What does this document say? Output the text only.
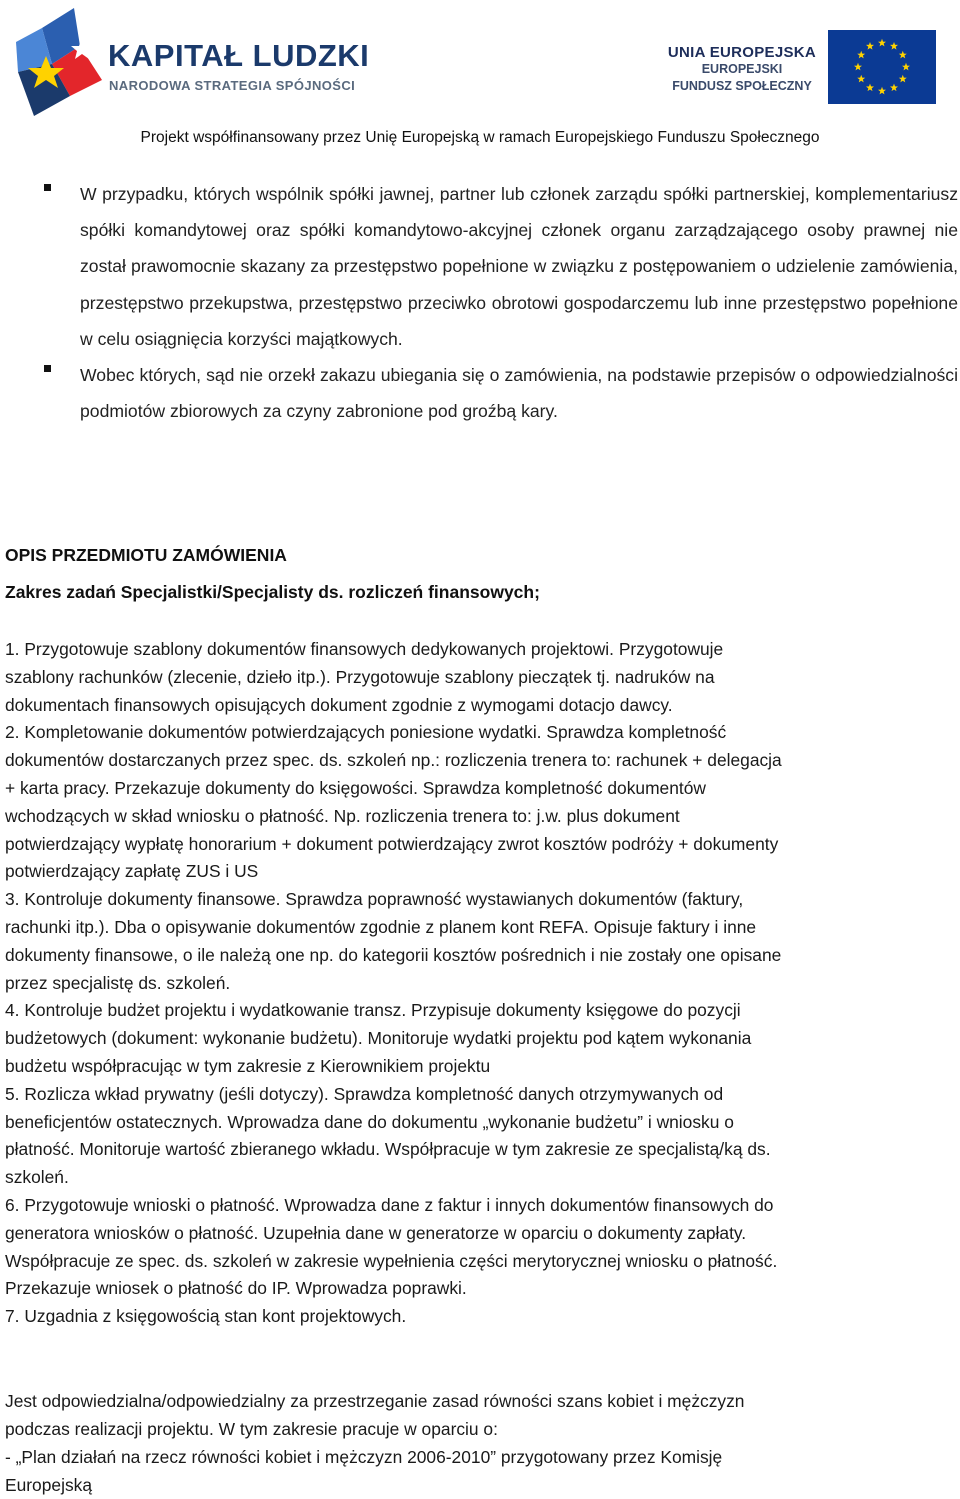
KAPITAŁ LUDZKI
NARODOWA STRATEGIA SPÓJNOŚCI
UNIA EUROPEJSKA
EUROPEJSKI
FUNDUSZ SPOŁECZNY
Projekt współfinansowany przez Unię Europejską w ramach Europejskiego Funduszu Społecznego
W przypadku, których wspólnik spółki jawnej, partner lub członek zarządu spółki partnerskiej, komplementariusz spółki komandytowej oraz spółki komandytowo-akcyjnej członek organu zarządzającego osoby prawnej nie został prawomocnie skazany za przestępstwo popełnione w związku z postępowaniem o udzielenie zamówienia, przestępstwo przekupstwa, przestępstwo przeciwko obrotowi gospodarczemu lub inne przestępstwo popełnione w celu osiągnięcia korzyści majątkowych.
Wobec których, sąd nie orzekł zakazu ubiegania się o zamówienia, na podstawie przepisów o odpowiedzialności podmiotów zbiorowych za czyny zabronione pod groźbą kary.
OPIS PRZEDMIOTU ZAMÓWIENIA
Zakres zadań Specjalistki/Specjalisty ds. rozliczeń finansowych;

1. Przygotowuje szablony dokumentów finansowych dedykowanych projektowi. Przygotowuje

szablony rachunków (zlecenie, dzieło itp.). Przygotowuje szablony pieczątek tj. nadruków na

dokumentach finansowych opisujących dokument zgodnie z wymogami dotacjo dawcy.

2. Kompletowanie dokumentów potwierdzających poniesione wydatki. Sprawdza kompletność

dokumentów dostarczanych przez spec. ds. szkoleń np.: rozliczenia trenera to: rachunek + delegacja

+ karta pracy. Przekazuje dokumenty do księgowości. Sprawdza kompletność dokumentów

wchodzących w skład wniosku o płatność. Np. rozliczenia trenera to: j.w. plus dokument

potwierdzający wypłatę honorarium + dokument potwierdzający zwrot kosztów podróży + dokumenty

potwierdzający zapłatę ZUS i US

3. Kontroluje dokumenty finansowe. Sprawdza poprawność wystawianych dokumentów (faktury,

rachunki itp.). Dba o opisywanie dokumentów zgodnie z planem kont REFA. Opisuje faktury i inne

dokumenty finansowe, o ile należą one np. do kategorii kosztów pośrednich i nie zostały one opisane

przez specjalistę ds. szkoleń.

4. Kontroluje budżet projektu i wydatkowanie transz. Przypisuje dokumenty księgowe do pozycji

budżetowych (dokument: wykonanie budżetu). Monitoruje wydatki projektu pod kątem wykonania

budżetu współpracując w tym zakresie z Kierownikiem projektu

5. Rozlicza wkład prywatny (jeśli dotyczy). Sprawdza kompletność danych otrzymywanych od

beneficjentów ostatecznych. Wprowadza dane do dokumentu „wykonanie budżetu” i wniosku o

płatność. Monitoruje wartość zbieranego wkładu. Współpracuje w tym zakresie ze specjalistą/ką ds.

szkoleń.

6. Przygotowuje wnioski o płatność. Wprowadza dane z faktur i innych dokumentów finansowych do

generatora wniosków o płatność. Uzupełnia dane w generatorze w oparciu o dokumenty zapłaty.

Współpracuje ze spec. ds. szkoleń w zakresie wypełnienia części merytorycznej wniosku o płatność.

Przekazuje wniosek o płatność do IP. Wprowadza poprawki.

7. Uzgadnia z księgowością stan kont projektowych.

Jest odpowiedzialna/odpowiedzialny za przestrzeganie zasad równości szans kobiet i mężczyzn

podczas realizacji projektu. W tym zakresie pracuje w oparciu o:

- „Plan działań na rzecz równości kobiet i mężczyzn 2006-2010” przygotowany przez Komisję

Europejską
